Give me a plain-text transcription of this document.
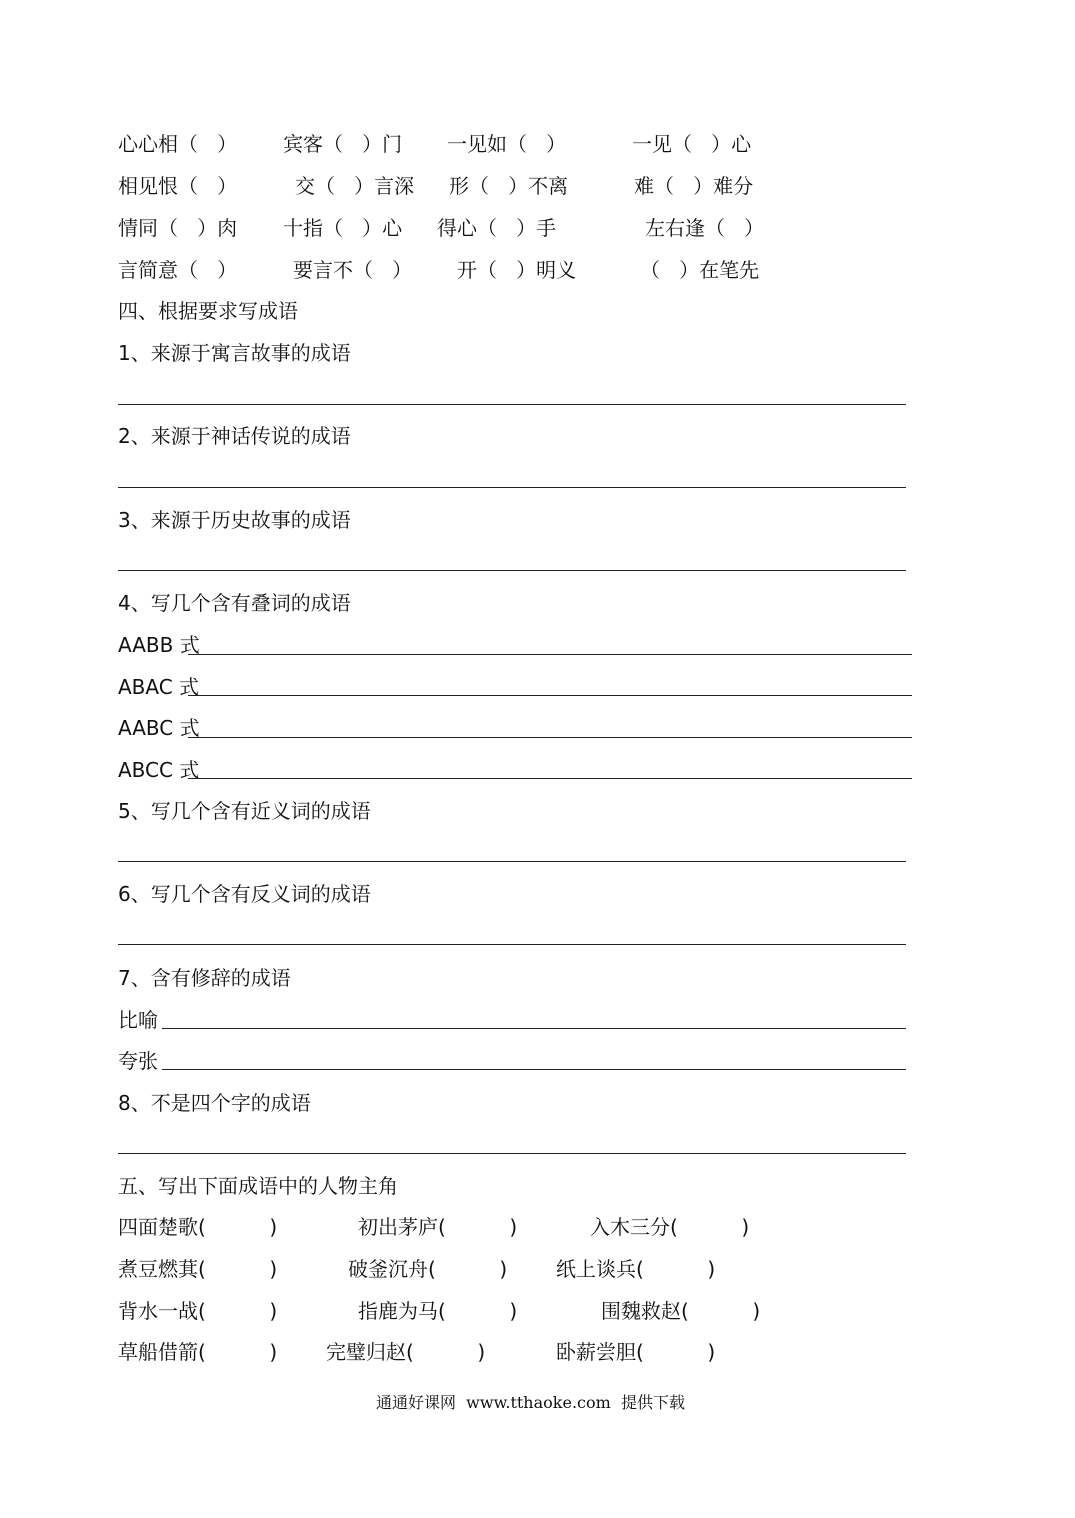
心心相（   ） 宾客（   ）门 一见如（   ）	一见（   ）心
相见恨（   ）	交（   ）言深 形（   ）不离	难（   ）难分
情同（   ）肉 十指（   ）心 得心（   ）手	左右逢（   ）
言简意（   ）	要言不（   ） 开（   ）明义	（   ）在笔先
四、根据要求写成语
1、来源于寓言故事的成语
2、来源于神话传说的成语
3、来源于历史故事的成语
4、写几个含有叠词的成语
AABB 式
ABAC 式
AABC 式
ABCC 式
5、写几个含有近义词的成语
6、写几个含有反义词的成语
7、含有修辞的成语
比喻
夸张
8、不是四个字的成语
五、写出下面成语中的人物主角
四面楚歌(          )	初出茅庐(          )	入木三分(          )
煮豆燃萁(          )	破釜沉舟(          ) 纸上谈兵(          )
背水一战(          )	指鹿为马(          )	围魏救赵(          )
草船借箭(          ) 完璧归赵(          )	卧薪尝胆(          )
通通好课网  www.tthaoke.com  提供下载
